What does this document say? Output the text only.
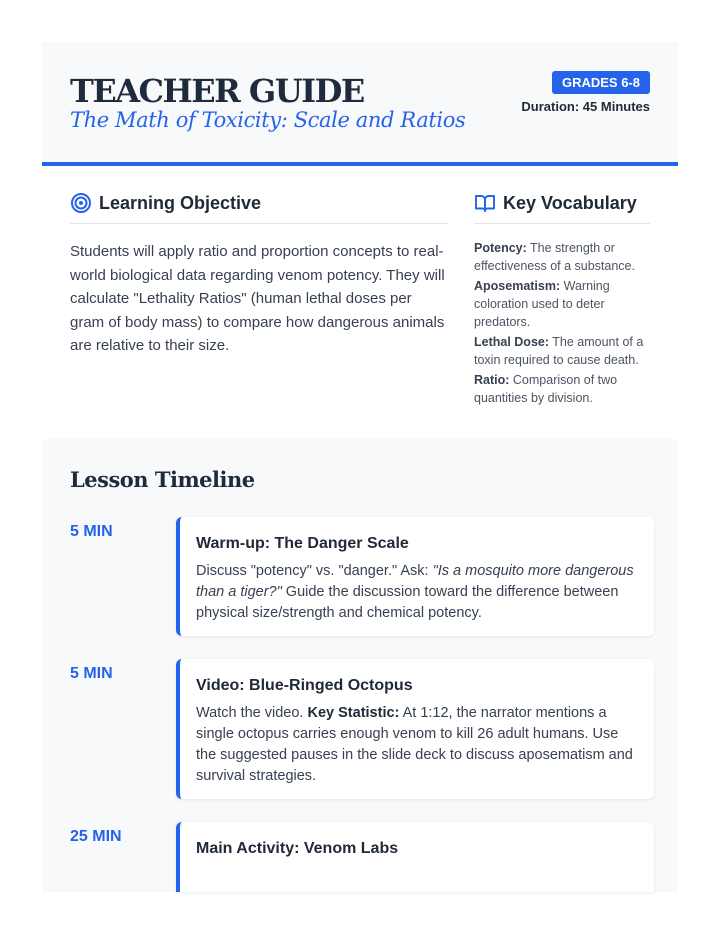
TEACHER GUIDE

The Math of Toxicity: Scale and Ratios

GRADES 6-8
Duration: 45 Minutes
Learning Objective

Students will apply ratio and proportion concepts to real-world biological data regarding venom potency. They will calculate "Lethality Ratios" (human lethal doses per gram of body mass) to compare how dangerous animals are relative to their size.

Key Vocabulary
Potency: The strength or effectiveness of a substance.
Aposematism: Warning coloration used to deter predators.
Lethal Dose: The amount of a toxin required to cause death.
Ratio: Comparison of two quantities by division.
Lesson Timeline
5 MIN
Warm-up: The Danger Scale

Discuss "potency" vs. "danger." Ask: "Is a mosquito more dangerous than a tiger?" Guide the discussion toward the difference between physical size/strength and chemical potency.

5 MIN
Video: Blue-Ringed Octopus

Watch the video. Key Statistic: At 1:12, the narrator mentions a single octopus carries enough venom to kill 26 adult humans. Use the suggested pauses in the slide deck to discuss aposematism and survival strategies.

25 MIN
Main Activity: Venom Labs
